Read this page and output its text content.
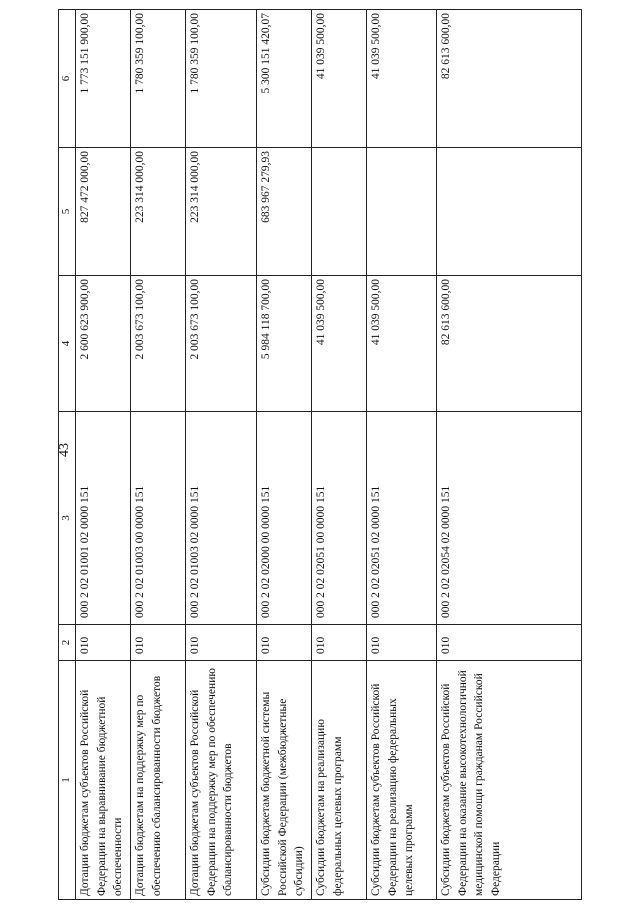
43
1	2	3	4	5	6
Дотации бюджетам субъектов Российской Федерации на выравнивание бюджетной обеспеченности	010	000 2 02 01001 02 0000 151	2 600 623 900,00	827 472 000,00	1 773 151 900,00
Дотации бюджетам на поддержку мер по обеспечению сбалансированности бюджетов	010	000 2 02 01003 00 0000 151	2 003 673 100,00	223 314 000,00	1 780 359 100,00
Дотации бюджетам субъектов Российской Федерации на поддержку мер по обеспечению сбалансированности бюджетов	010	000 2 02 01003 02 0000 151	2 003 673 100,00	223 314 000,00	1 780 359 100,00
Субсидии бюджетам бюджетной системы Российской Федерации (межбюджетные субсидии)	010	000 2 02 02000 00 0000 151	5 984 118 700,00	683 967 279,93	5 300 151 420,07
Субсидии бюджетам на реализацию федеральных целевых программ	010	000 2 02 02051 00 0000 151	41 039 500,00		41 039 500,00
Субсидии бюджетам субъектов Российской Федерации на реализацию федеральных целевых программ	010	000 2 02 02051 02 0000 151	41 039 500,00		41 039 500,00
Субсидии бюджетам субъектов Российской Федерации на оказание высокотехнологичной медицинской помощи гражданам Российской Федерации	010	000 2 02 02054 02 0000 151	82 613 600,00		82 613 600,00
